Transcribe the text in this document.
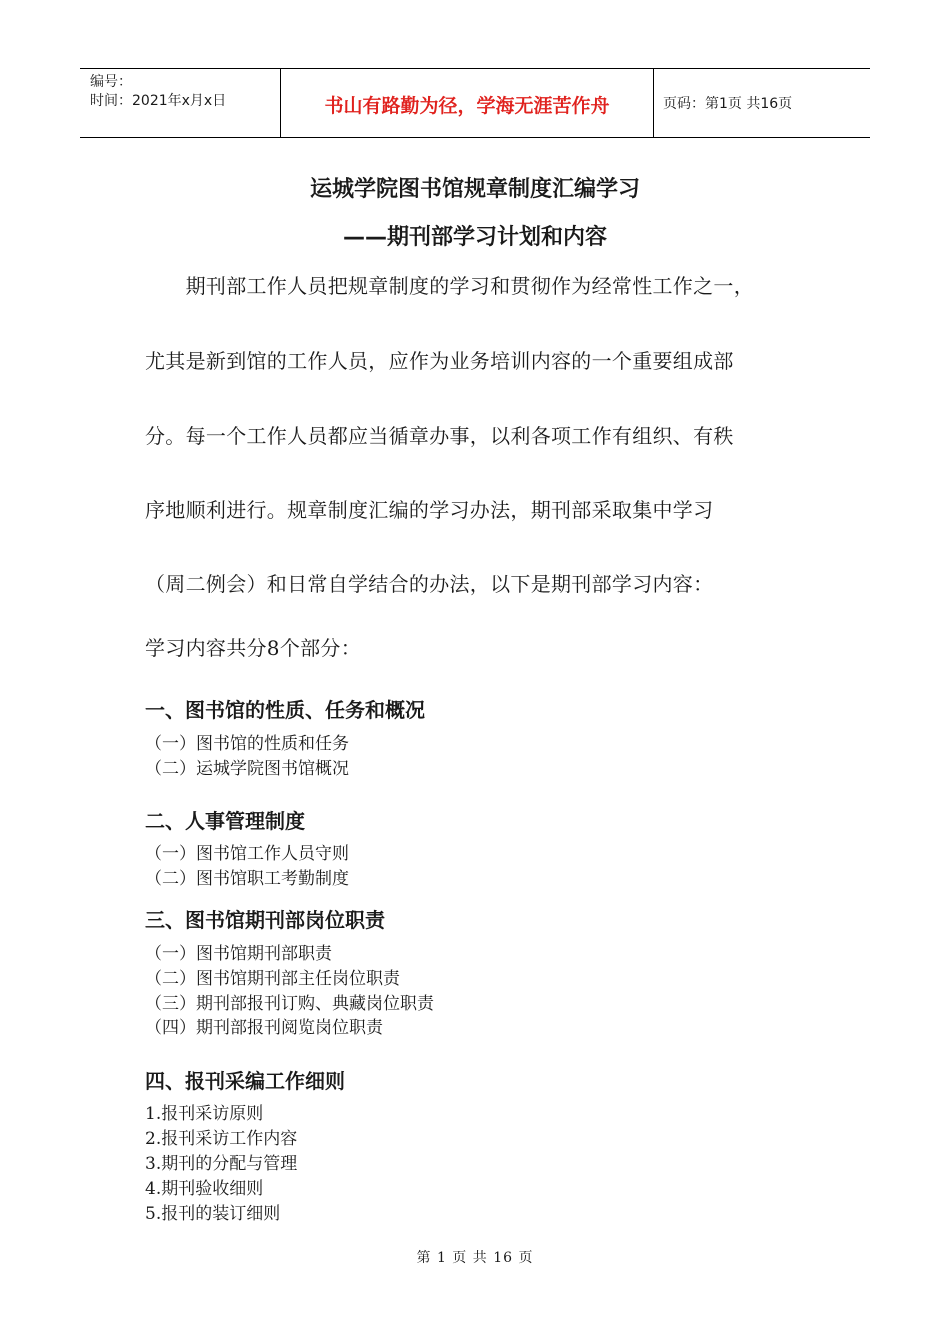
编号：
时间：2021年x月x日	书山有路勤为径，学海无涯苦作舟	页码：第1页 共16页
运城学院图书馆规章制度汇编学习
——期刊部学习计划和内容
　　期刊部工作人员把规章制度的学习和贯彻作为经常性工作之一，
尤其是新到馆的工作人员，应作为业务培训内容的一个重要组成部
分。每一个工作人员都应当循章办事，以利各项工作有组织、有秩
序地顺利进行。规章制度汇编的学习办法，期刊部采取集中学习
（周二例会）和日常自学结合的办法，以下是期刊部学习内容：
学习内容共分8个部分：
一、图书馆的性质、任务和概况
（一）图书馆的性质和任务
（二）运城学院图书馆概况
二、人事管理制度
（一）图书馆工作人员守则
（二）图书馆职工考勤制度
三、图书馆期刊部岗位职责
（一）图书馆期刊部职责
（二）图书馆期刊部主任岗位职责
（三）期刊部报刊订购、典藏岗位职责
（四）期刊部报刊阅览岗位职责
四、报刊采编工作细则
1.报刊采访原则
2.报刊采访工作内容
3.期刊的分配与管理
4.期刊验收细则
5.报刊的装订细则
第 1 页 共 16 页
